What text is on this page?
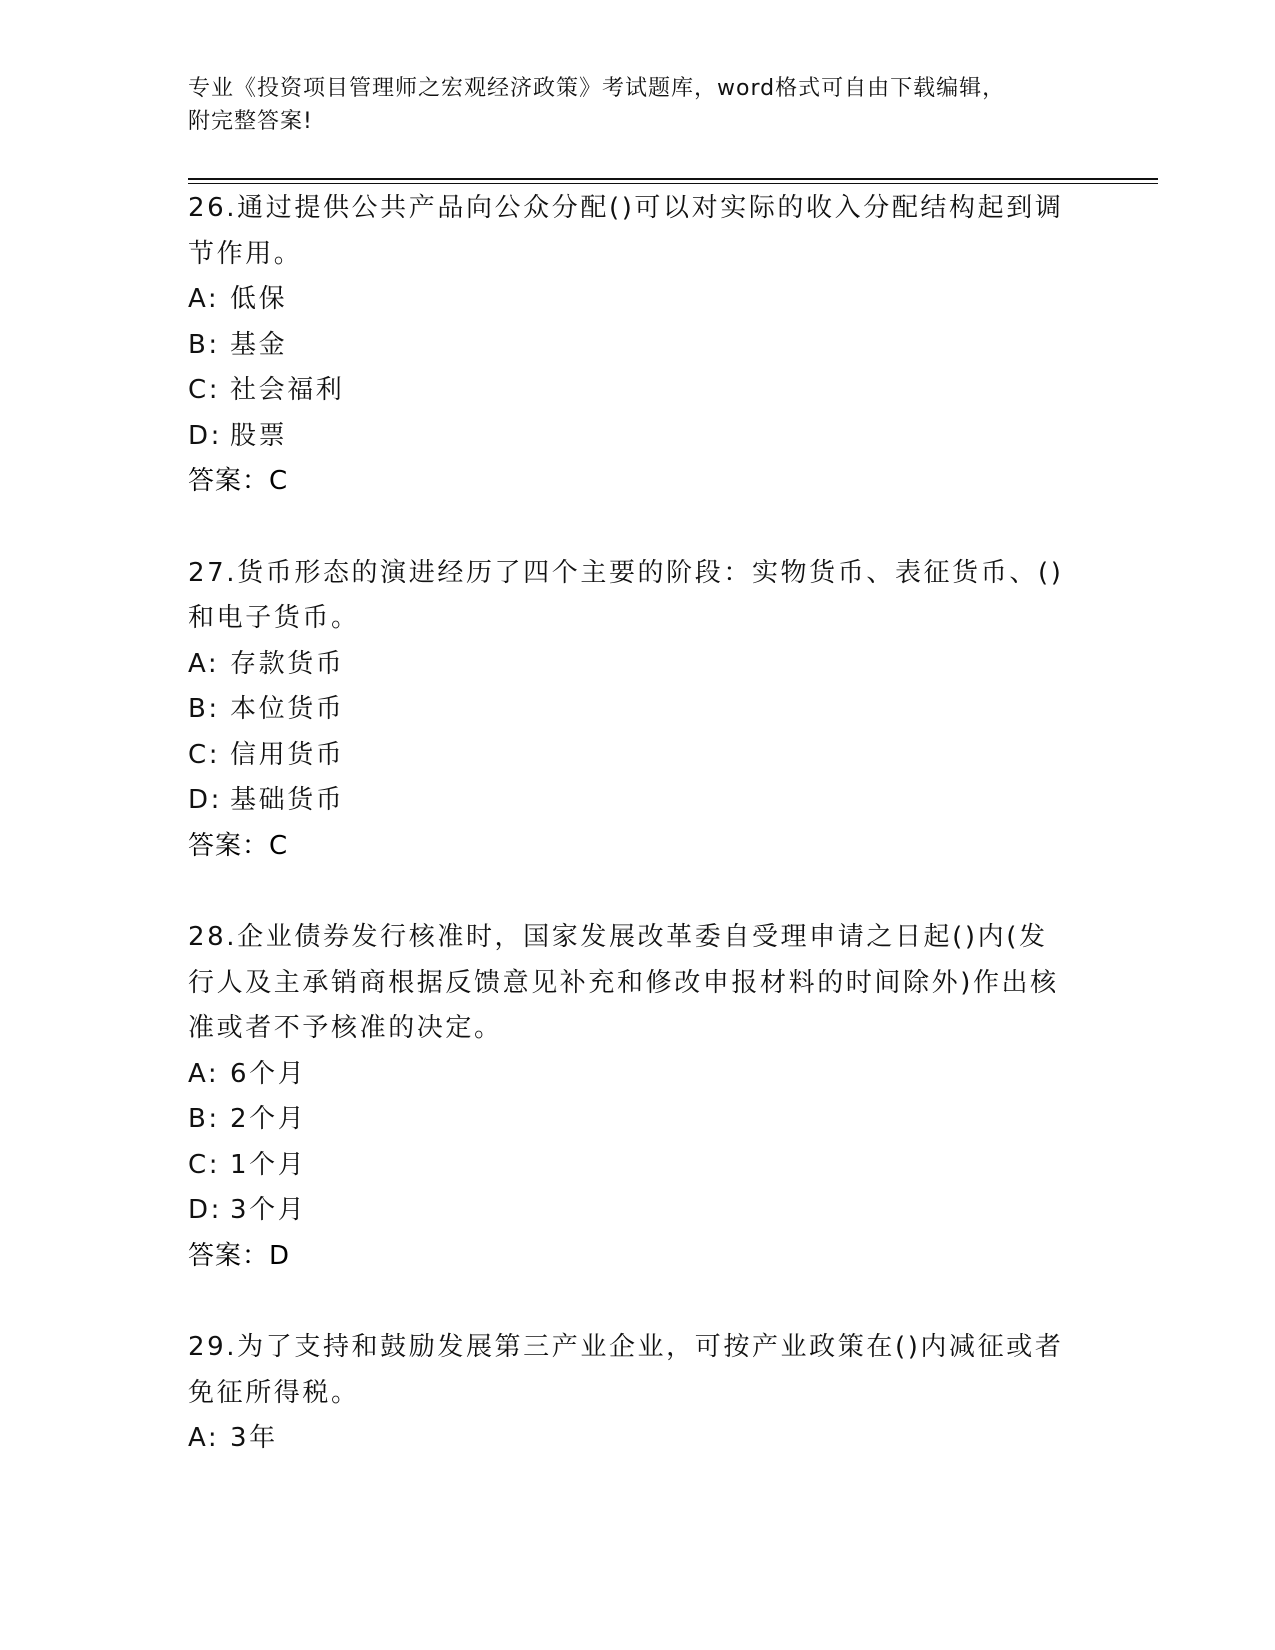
专业《投资项目管理师之宏观经济政策》考试题库，word格式可自由下载编辑，
附完整答案!
26.通过提供公共产品向公众分配()可以对实际的收入分配结构起到调节作用。
A: 低保
B: 基金
C: 社会福利
D: 股票
答案：C
27.货币形态的演进经历了四个主要的阶段：实物货币、表征货币、()和电子货币。
A: 存款货币
B: 本位货币
C: 信用货币
D: 基础货币
答案：C
28.企业债券发行核准时，国家发展改革委自受理申请之日起()内(发行人及主承销商根据反馈意见补充和修改申报材料的时间除外)作出核准或者不予核准的决定。
A: 6个月
B: 2个月
C: 1个月
D: 3个月
答案：D
29.为了支持和鼓励发展第三产业企业，可按产业政策在()内减征或者免征所得税。
A: 3年
